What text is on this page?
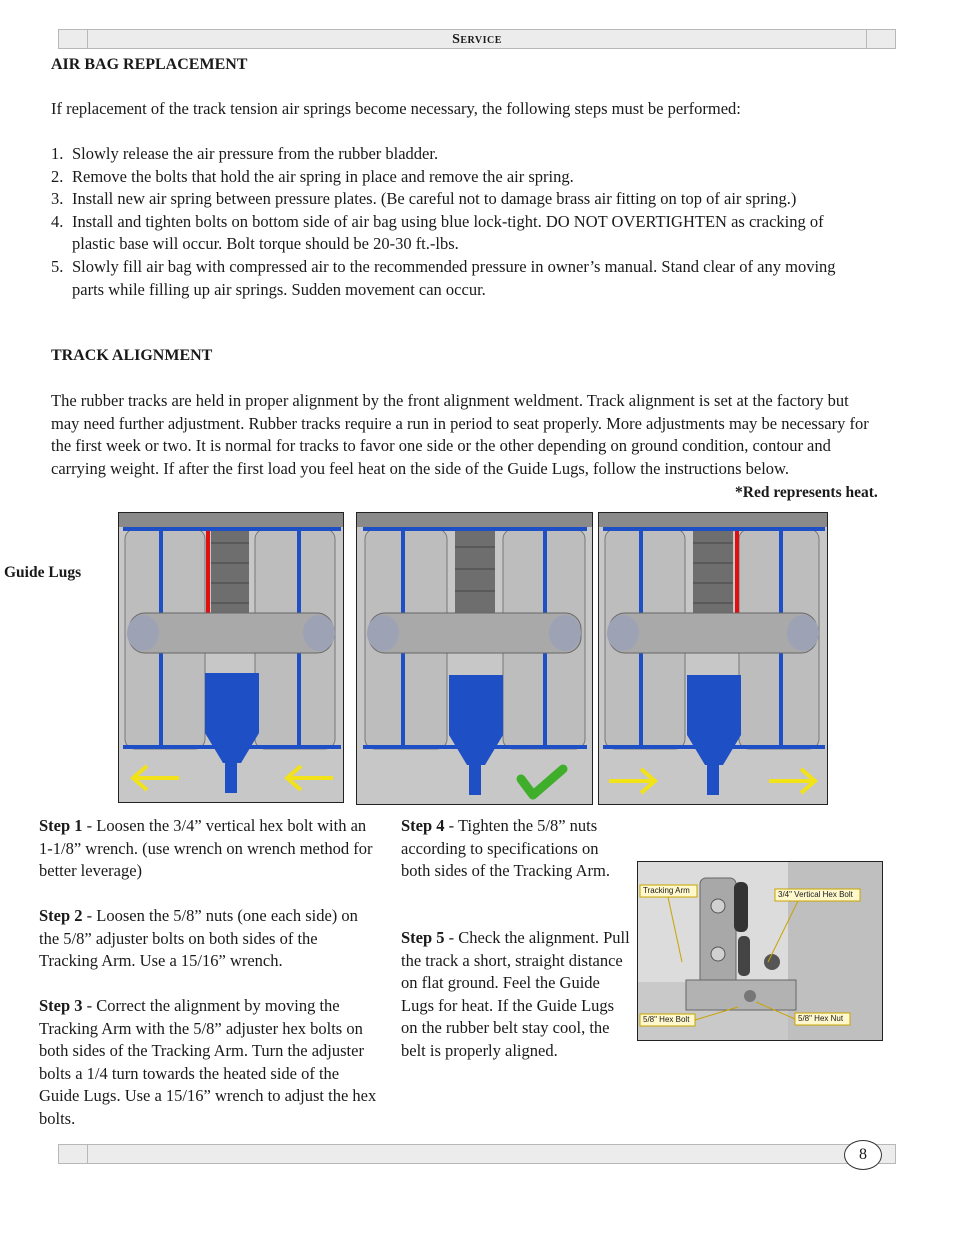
Service
AIR BAG REPLACEMENT
If replacement of the track tension air springs become necessary, the following steps must be performed:
1. Slowly release the air pressure from the rubber bladder.
2. Remove the bolts that hold the air spring in place and remove the air spring.
3. Install new air spring between pressure plates. (Be careful not to damage brass air fitting on top of air spring.)
4. Install and tighten bolts on bottom side of air bag using blue lock-tight. DO NOT OVERTIGHTEN as cracking of plastic base will occur. Bolt torque should be 20-30 ft.-lbs.
5. Slowly fill air bag with compressed air to the recommended pressure in owner’s manual. Stand clear of any moving parts while filling up air springs. Sudden movement can occur.
TRACK ALIGNMENT
The rubber tracks are held in proper alignment by the front alignment weldment. Track alignment is set at the factory but may need further adjustment. Rubber tracks require a run in period to seat properly. More adjustments may be necessary for the first week or two. It is normal for tracks to favor one side or the other depending on ground condition, contour and carrying weight. If after the first load you feel heat on the side of the Guide Lugs, follow the instructions below.
*Red represents heat.
Guide Lugs
Step 1 - Loosen the 3/4” vertical hex bolt with an 1-1/8” wrench. (use wrench on wrench method for better leverage)
Step 2 - Loosen the 5/8” nuts (one each side) on the 5/8” adjuster bolts on both sides of the Tracking Arm. Use a 15/16” wrench.
Step 3 - Correct the alignment by moving the Tracking Arm with the 5/8” adjuster hex bolts on both sides of the Tracking Arm. Turn the adjuster bolts a 1/4 turn towards the heated side of the Guide Lugs. Use a 15/16” wrench to adjust the hex bolts.
Step 4 - Tighten the 5/8” nuts according to specifications on both sides of the Tracking Arm.
Step 5 - Check the alignment. Pull the track a short, straight distance on flat ground. Feel the Guide Lugs for heat. If the Guide Lugs on the rubber belt stay cool, the belt is properly aligned.
Tracking Arm	3/4" Vertical Hex Bolt
5/8" Hex Bolt	5/8" Hex Nut
8
